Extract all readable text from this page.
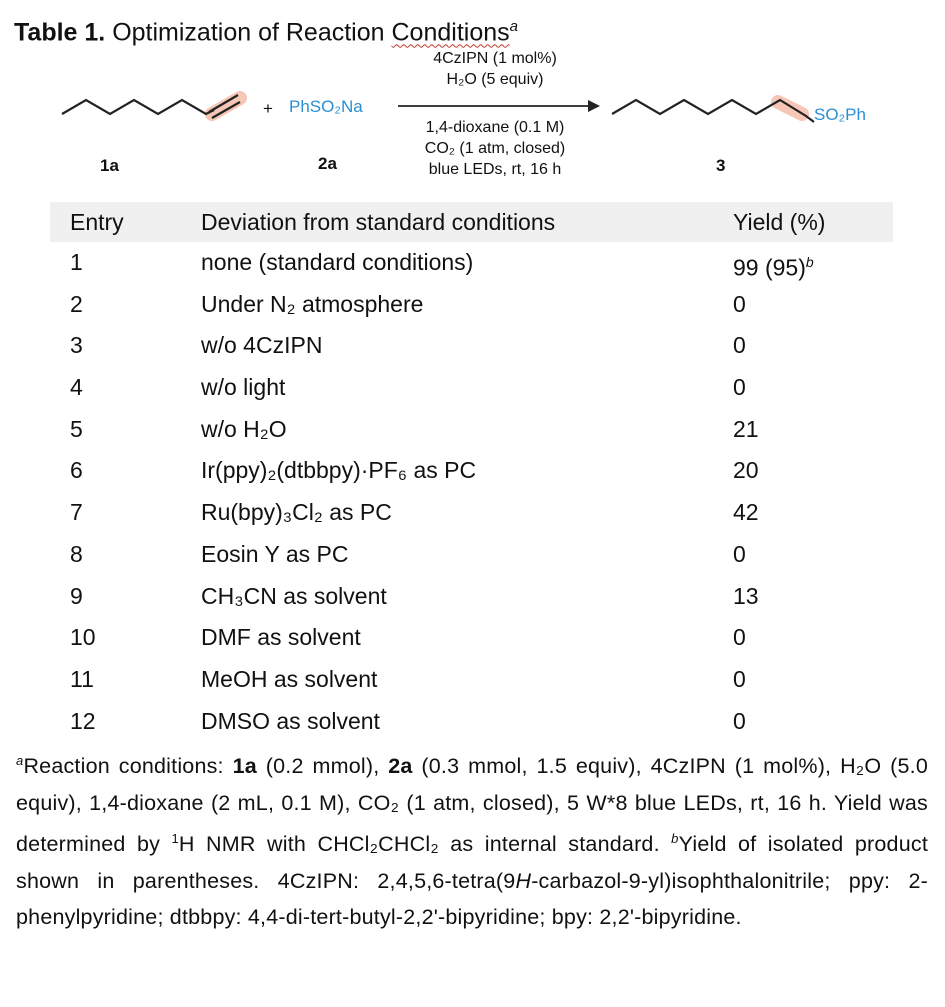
Table 1. Optimization of Reaction Conditions$^a$
1a
+ PhSO₂Na
2a
4CzIPN (1 mol%)
H₂O (5 equiv)
1,4-dioxane (0.1 M)
CO₂ (1 atm, closed)
blue LEDs, rt, 16 h
SO₂Ph
3
Entry	Deviation from standard conditions	Yield (%)
1	none (standard conditions)	99 $(95)^b$
2	Under N₂ atmosphere	0
3	w/o 4CzIPN	0
4	w/o light	0
5	w/o H₂O	21
6	Ir(ppy)₂(dtbbpy)·PF₆ as PC	20
7	Ru(bpy)₃Cl₂ as PC	42
8	Eosin Y as PC	0
9	CH₃CN as solvent	13
10	DMF as solvent	0
11	MeOH as solvent	0
12	DMSO as solvent	0
$^a$Reaction conditions: 1a (0.2 mmol), 2a (0.3 mmol, 1.5 equiv), 4CzIPN (1 mol%), H₂O (5.0 equiv), 1,4-dioxane (2 mL, 0.1 M), CO₂ (1 atm, closed), 5 W*8 blue LEDs, rt, 16 h. Yield was determined by $^1$H NMR with CHCl₂CHCl₂ as internal standard. $^b$Yield of isolated product shown in parentheses. 4CzIPN: 2,4,5,6-tetra(9H-carbazol-9-yl)isophthalonitrile; ppy: 2-phenylpyridine; dtbbpy: 4,4-di-tert-butyl-2,2'-bipyridine; bpy: 2,2'-bipyridine.
